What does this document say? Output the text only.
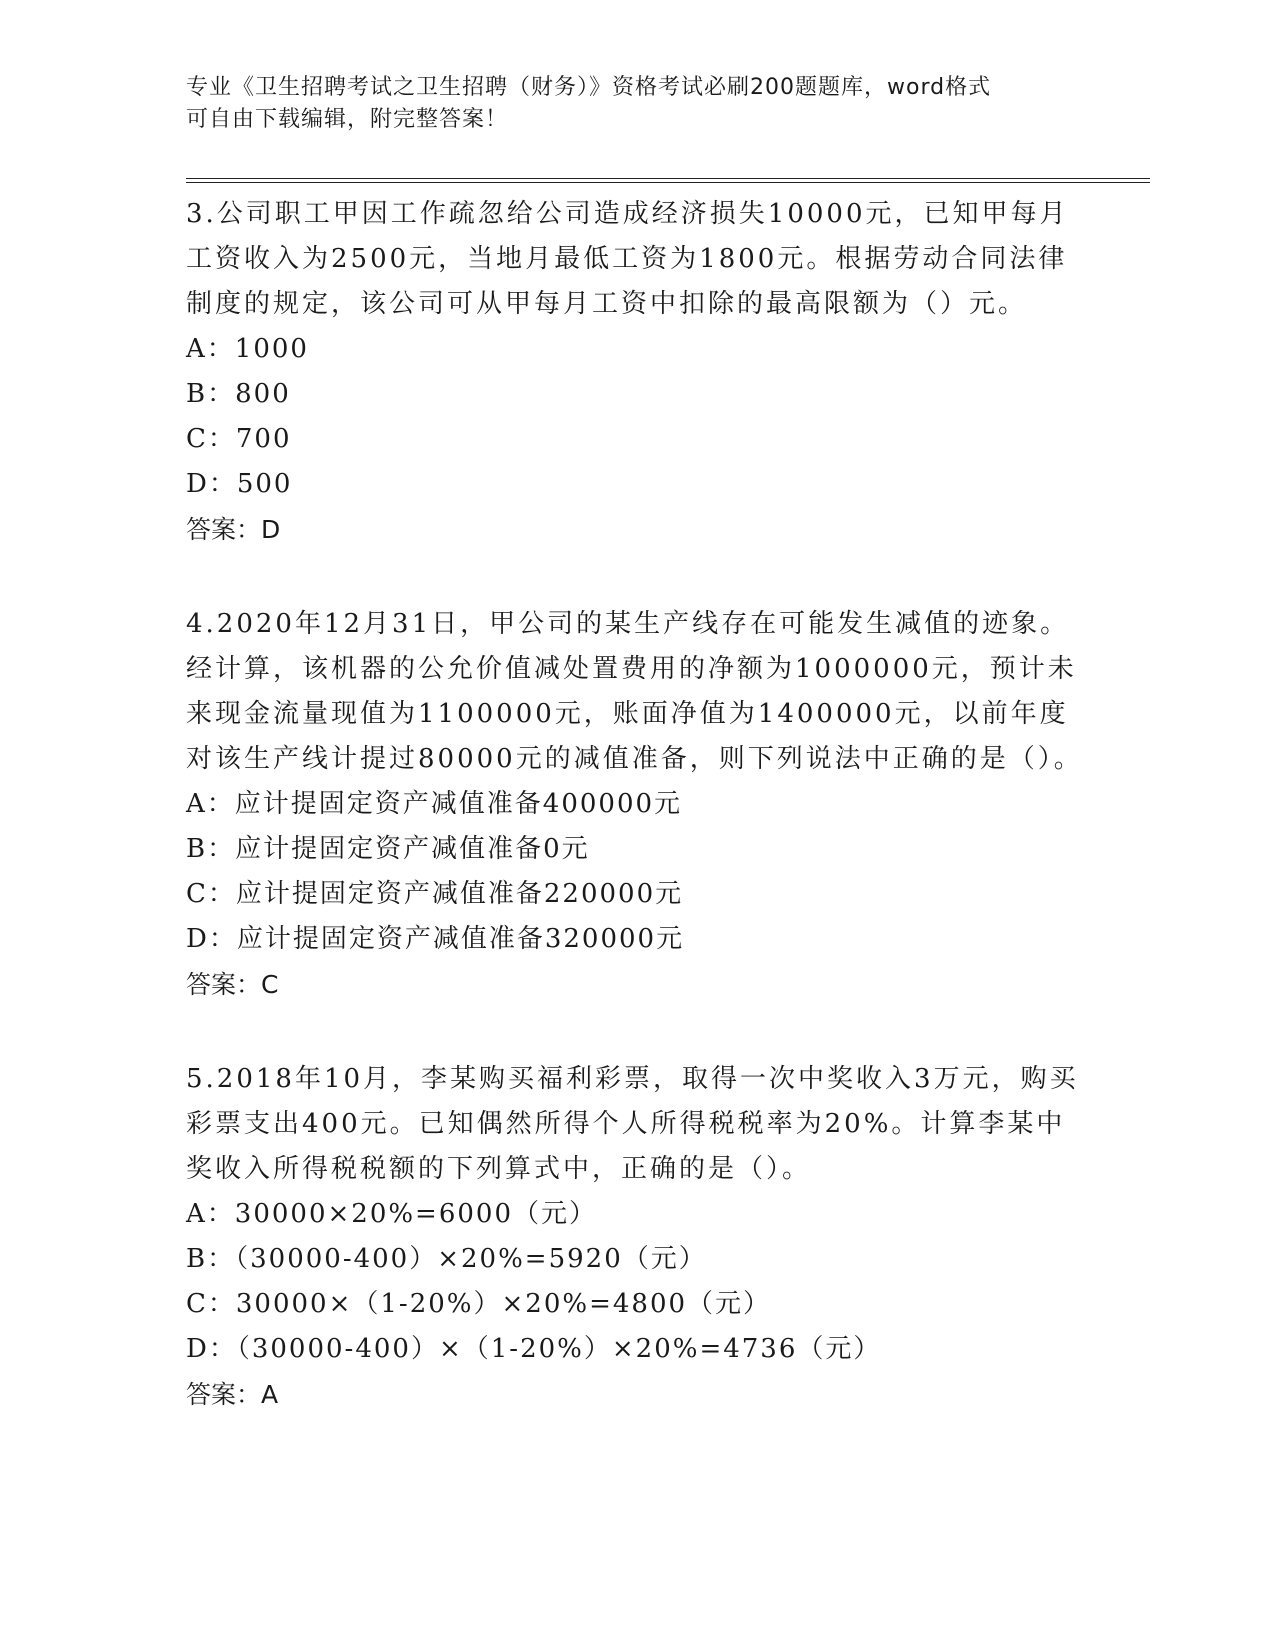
专业《卫生招聘考试之卫生招聘（财务）》资格考试必刷200题题库，word格式

可自由下载编辑，附完整答案！

3.公司职工甲因工作疏忽给公司造成经济损失10000元，已知甲每月工资收入为2500元，当地月最低工资为1800元。根据劳动合同法律制度的规定，该公司可从甲每月工资中扣除的最高限额为（）元。

A：1000

B：800

C：700

D：500

答案：D

4.2020年12月31日，甲公司的某生产线存在可能发生减值的迹象。经计算，该机器的公允价值减处置费用的净额为1000000元，预计未来现金流量现值为1100000元，账面净值为1400000元，以前年度对该生产线计提过80000元的减值准备，则下列说法中正确的是（）。

A：应计提固定资产减值准备400000元

B：应计提固定资产减值准备0元

C：应计提固定资产减值准备220000元

D：应计提固定资产减值准备320000元

答案：C

5.2018年10月，李某购买福利彩票，取得一次中奖收入3万元，购买彩票支出400元。已知偶然所得个人所得税税率为20%。计算李某中奖收入所得税税额的下列算式中，正确的是（）。

A：30000×20%=6000（元）

B：（30000-400）×20%=5920（元）

C：30000×（1-20%）×20%=4800（元）

D：（30000-400）×（1-20%）×20%=4736（元）

答案：A
